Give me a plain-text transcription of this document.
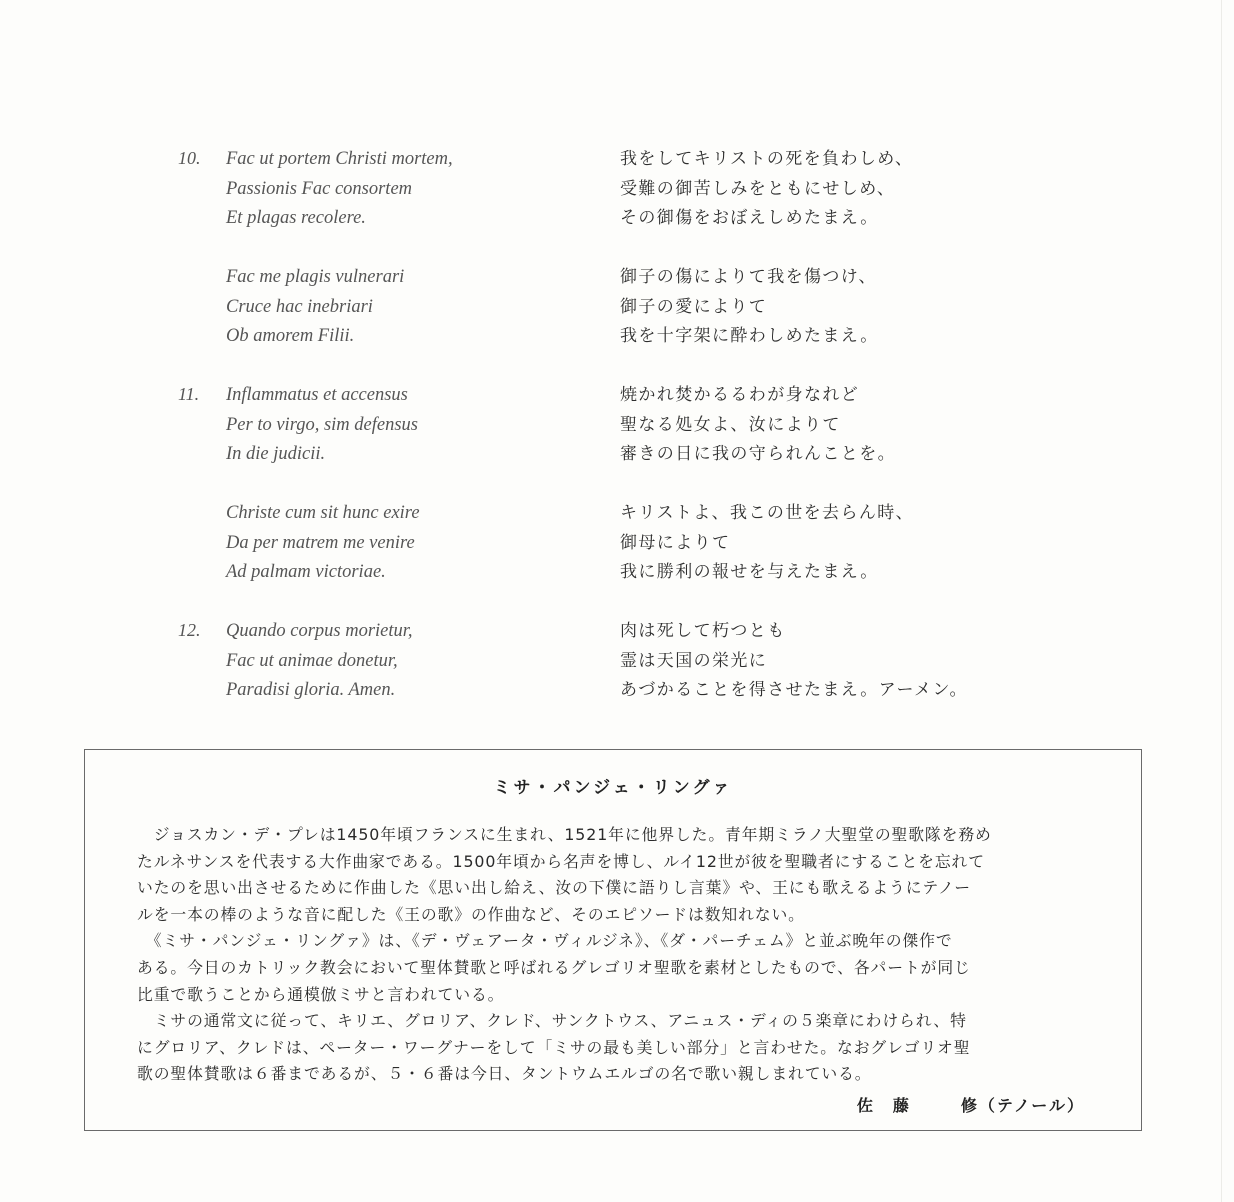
10. Fac ut portem Christi mortem,
Passionis Fac consortem
Et plagas recolere.
我をしてキリストの死を負わしめ、
受難の御苦しみをともにせしめ、
その御傷をおぼえしめたまえ。
Fac me plagis vulnerari
Cruce hac inebriari
Ob amorem Filii.
御子の傷によりて我を傷つけ、
御子の愛によりて
我を十字架に酔わしめたまえ。
11. Inflammatus et accensus
Per to virgo, sim defensus
In die judicii.
焼かれ焚かるるわが身なれど
聖なる処女よ、汝によりて
審きの日に我の守られんことを。
Christe cum sit hunc exire
Da per matrem me venire
Ad palmam victoriae.
キリストよ、我この世を去らん時、
御母によりて
我に勝利の報せを与えたまえ。
12. Quando corpus morietur,
Fac ut animae donetur,
Paradisi gloria. Amen.
肉は死して朽つとも
霊は天国の栄光に
あづかることを得させたまえ。アーメン。
ミサ・パンジェ・リングァ
　ジョスカン・デ・プレは1450年頃フランスに生まれ、1521年に他界した。青年期ミラノ大聖堂の聖歌隊を務め
たルネサンスを代表する大作曲家である。1500年頃から名声を博し、ルイ12世が彼を聖職者にすることを忘れて
いたのを思い出させるために作曲した《思い出し給え、汝の下僕に語りし言葉》や、王にも歌えるようにテノー
ルを一本の棒のような音に配した《王の歌》の作曲など、そのエピソードは数知れない。
　《ミサ・パンジェ・リングァ》は、《デ・ヴェアータ・ヴィルジネ》、《ダ・パーチェム》と並ぶ晩年の傑作で
ある。今日のカトリック教会において聖体賛歌と呼ばれるグレゴリオ聖歌を素材としたもので、各パートが同じ
比重で歌うことから通模倣ミサと言われている。
　ミサの通常文に従って、キリエ、グロリア、クレド、サンクトウス、アニュス・ディの５楽章にわけられ、特
にグロリア、クレドは、ペーター・ワーグナーをして「ミサの最も美しい部分」と言わせた。なおグレゴリオ聖
歌の聖体賛歌は６番まであるが、５・６番は今日、タントウムエルゴの名で歌い親しまれている。
佐　藤	修（テノール）
